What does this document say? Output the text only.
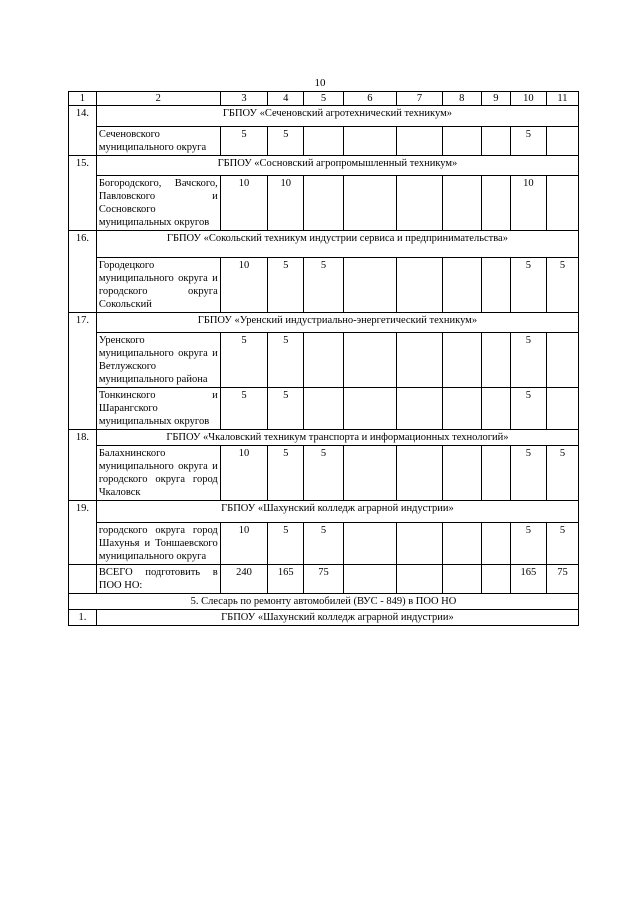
10
1	2	3	4	5	6	7	8	9	10	11
14.	ГБПОУ «Сеченовский агротехнический техникум»									
	Сеченовского муниципального округа	5	5						5	
15.	ГБПОУ «Сосновский агропромышленный техникум»									
	Богородского, Вачского, Павловского и Сосновского муниципальных округов	10	10						10	
16.	ГБПОУ «Сокольский техникум индустрии сервиса и предпринимательства»									
	Городецкого муниципального округа и городского округа Сокольский	10	5	5					5	5
17.	ГБПОУ «Уренский индустриально-энергетический техникум»									
	Уренского муниципального округа и Ветлужского муниципального района	5	5						5	
	Тонкинского и Шарангского муниципальных округов	5	5						5	
18.	ГБПОУ «Чкаловский техникум транспорта и информационных технологий»									
	Балахнинского муниципального округа и городского округа город Чкаловск	10	5	5					5	5
19.	ГБПОУ «Шахунский колледж аграрной индустрии»									
	городского округа город Шахунья и Тоншаевского муниципального округа	10	5	5					5	5
	ВСЕГО подготовить в ПОО НО:	240	165	75					165	75
5. Слесарь по ремонту автомобилей (ВУС - 849) в ПОО НО										
1.	ГБПОУ «Шахунский колледж аграрной индустрии»									
